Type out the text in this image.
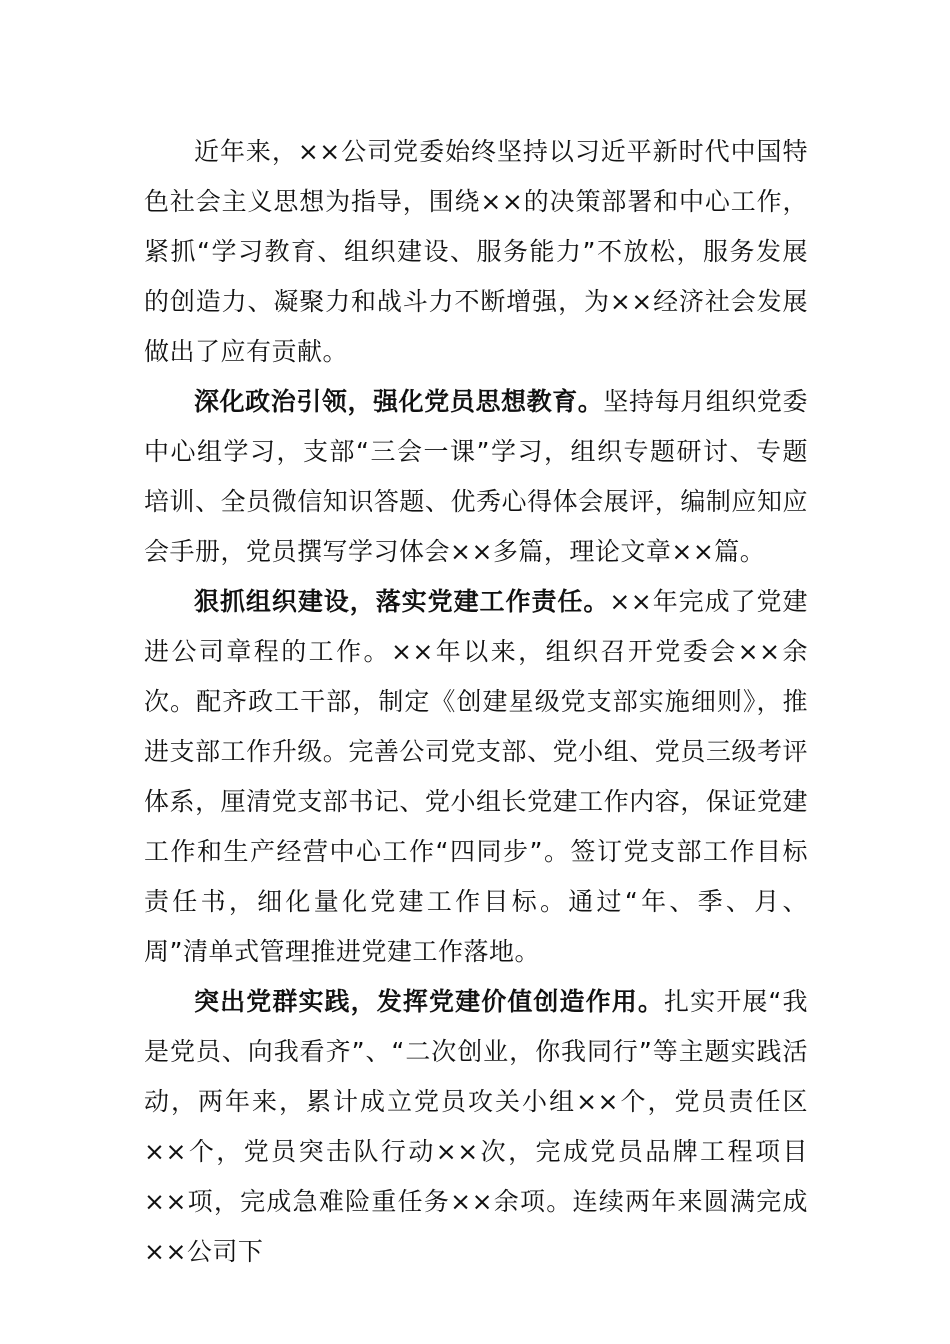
近年来，××公司党委始终坚持以习近平新时代中国特色社会主义思想为指导，围绕××的决策部署和中心工作，紧抓“学习教育、组织建设、服务能力”不放松，服务发展的创造力、凝聚力和战斗力不断增强，为××经济社会发展做出了应有贡献。

深化政治引领，强化党员思想教育。坚持每月组织党委中心组学习，支部“三会一课”学习，组织专题研讨、专题培训、全员微信知识答题、优秀心得体会展评，编制应知应会手册，党员撰写学习体会××多篇，理论文章××篇。

狠抓组织建设，落实党建工作责任。××年完成了党建进公司章程的工作。××年以来，组织召开党委会××余次。配齐政工干部，制定《创建星级党支部实施细则》，推进支部工作升级。完善公司党支部、党小组、党员三级考评体系，厘清党支部书记、党小组长党建工作内容，保证党建工作和生产经营中心工作“四同步”。签订党支部工作目标责任书，细化量化党建工作目标。通过“年、季、月、周”清单式管理推进党建工作落地。

突出党群实践，发挥党建价值创造作用。扎实开展“我是党员、向我看齐”、“二次创业，你我同行”等主题实践活动，两年来，累计成立党员攻关小组××个，党员责任区××个，党员突击队行动××次，完成党员品牌工程项目××项，完成急难险重任务××余项。连续两年来圆满完成××公司下
